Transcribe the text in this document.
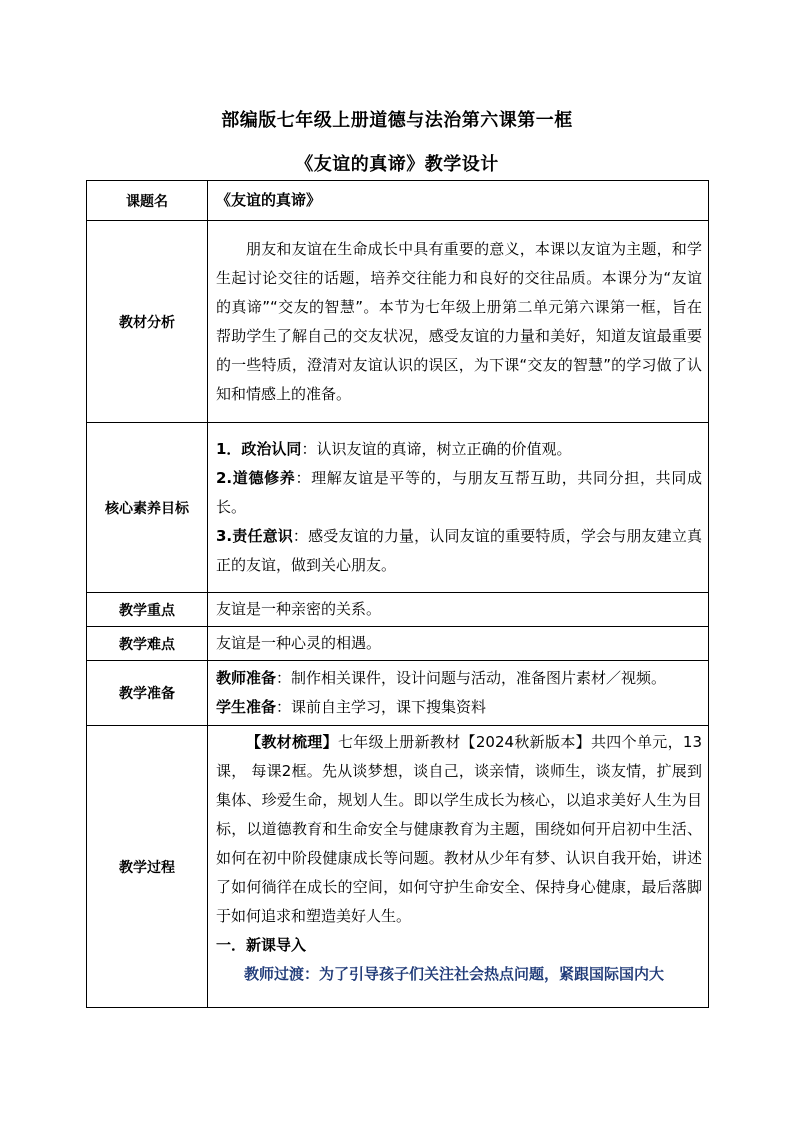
部编版七年级上册道德与法治第六课第一框
《友谊的真谛》教学设计
课题名	《友谊的真谛》
教材分析	朋友和友谊在生命成长中具有重要的意义，本课以友谊为主题，和学生起讨论交往的话题，培养交往能力和良好的交往品质。本课分为“友谊的真谛”“交友的智慧”。本节为七年级上册第二单元第六课第一框，旨在帮助学生了解自己的交友状况，感受友谊的力量和美好，知道友谊最重要的一些特质，澄清对友谊认识的误区，为下课“交友的智慧”的学习做了认知和情感上的准备。

核心素养目标	1．政治认同：认识友谊的真谛，树立正确的价值观。

2.道德修养：理解友谊是平等的，与朋友互帮互助，共同分担，共同成长。

3.责任意识：感受友谊的力量，认同友谊的重要特质，学会与朋友建立真正的友谊，做到关心朋友。

教学重点	友谊是一种亲密的关系。
教学难点	友谊是一种心灵的相遇。
教学准备	教师准备：制作相关课件，设计问题与活动，准备图片素材／视频。

学生准备：课前自主学习，课下搜集资料

教学过程	【教材梳理】七年级上册新教材【2024秋新版本】共四个单元，13课， 每课2框。先从谈梦想，谈自己，谈亲情，谈师生，谈友情，扩展到集体、珍爱生命，规划人生。即以学生成长为核心，以追求美好人生为目标，以道德教育和生命安全与健康教育为主题，围绕如何开启初中生活、如何在初中阶段健康成长等问题。教材从少年有梦、认识自我开始，讲述了如何徜徉在成长的空间，如何守护生命安全、保持身心健康，最后落脚于如何追求和塑造美好人生。

一．新课导入

教师过渡：为了引导孩子们关注社会热点问题，紧跟国际国内大
